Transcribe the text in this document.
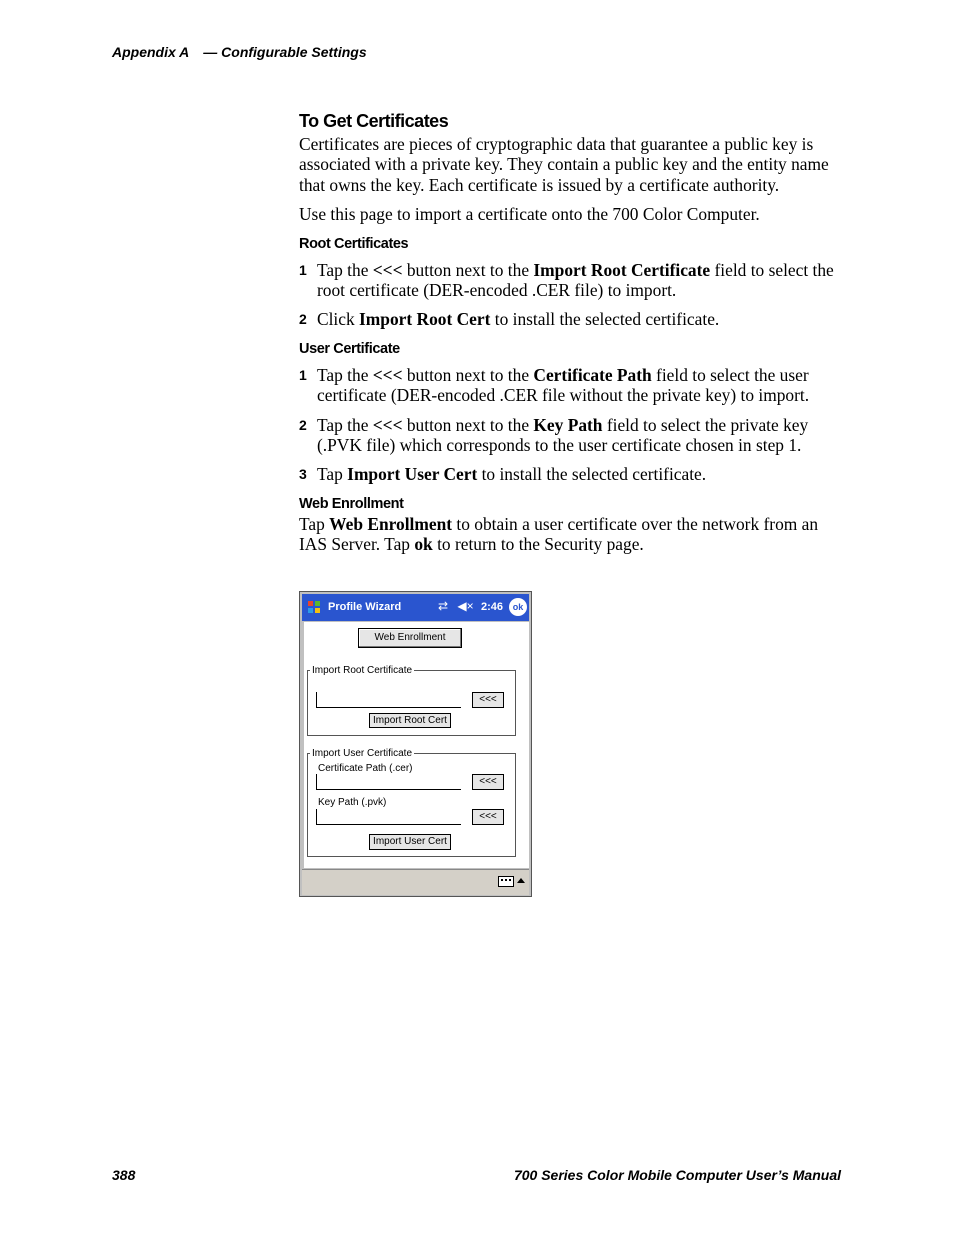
Appendix A — Configurable Settings
To Get Certificates

Certificates are pieces of cryptographic data that guarantee a public key is associated with a private key. They contain a public key and the entity name that owns the key. Each certificate is issued by a certificate authority.

Use this page to import a certificate onto the 700 Color Computer.

Root Certificates
1 Tap the <<< button next to the Import Root Certificate field to select the root certificate (DER-encoded .CER file) to import.
2 Click Import Root Cert to install the selected certificate.
User Certificate
1 Tap the <<< button next to the Certificate Path field to select the user certificate (DER-encoded .CER file without the private key) to import.
2 Tap the <<< button next to the Key Path field to select the private key (.PVK file) which corresponds to the user certificate chosen in step 1.
3 Tap Import User Cert to install the selected certificate.
Web Enrollment

Tap Web Enrollment to obtain a user certificate over the network from an IAS Server. Tap ok to return to the Security page.

Profile Wizard	⇄ ◀× 2:46	ok
Web Enrollment
Import Root Certificate
<<<
Import Root Cert
Import User Certificate
Certificate Path (.cer)
<<<
Key Path (.pvk)
<<<
Import User Cert
388	700 Series Color Mobile Computer User’s Manual
